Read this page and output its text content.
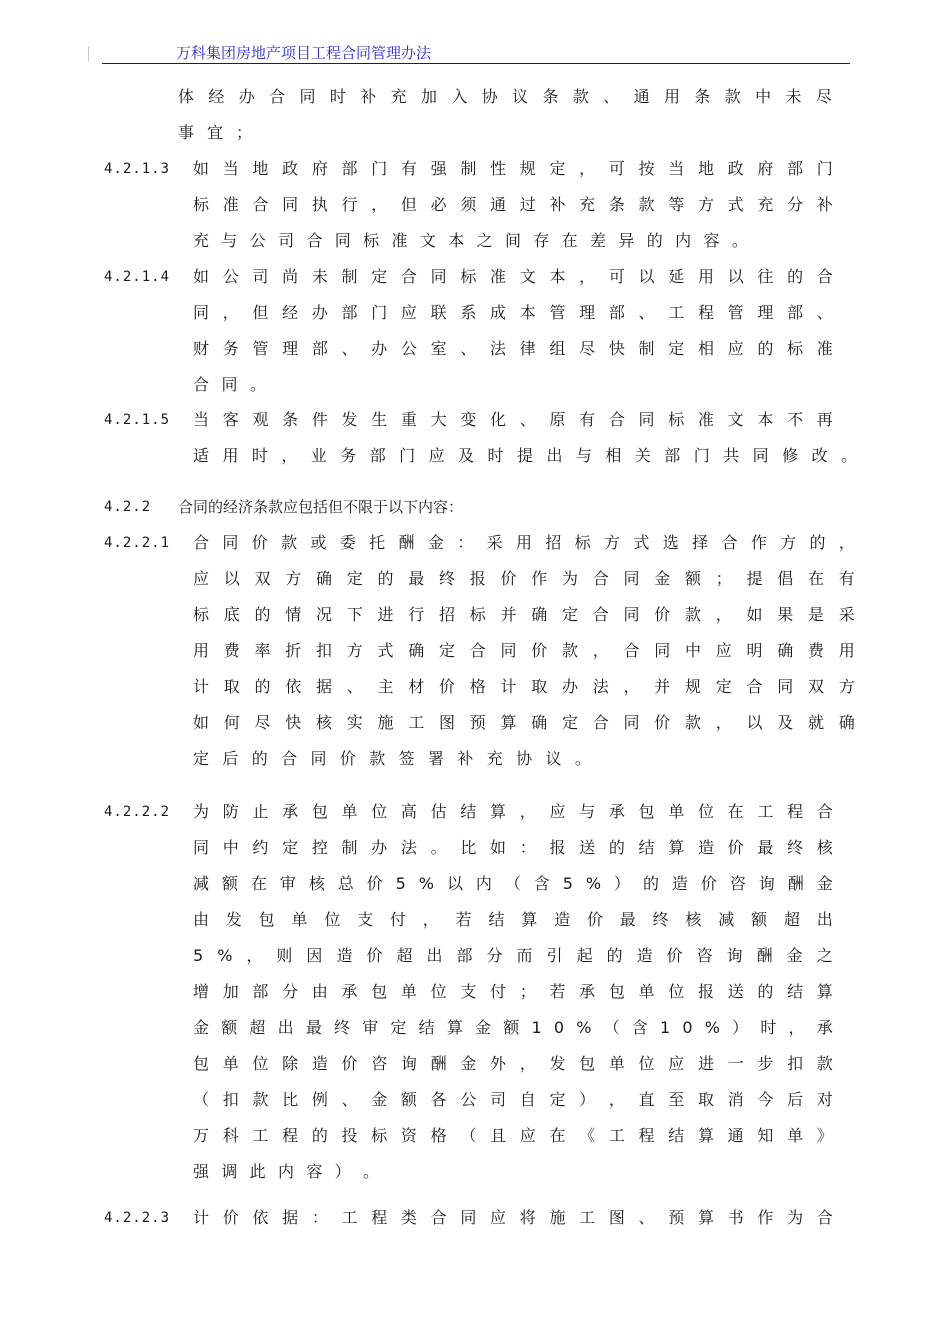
万科集团房地产项目工程合同管理办法
体 经 办 合 同 时 补 充 加 入 协 议 条 款 、 通 用 条 款 中 未 尽
事 宜 ；
4.2.1.3 如 当 地 政 府 部 门 有 强 制 性 规 定 ， 可 按 当 地 政 府 部 门
标 准 合 同 执 行 ， 但 必 须 通 过 补 充 条 款 等 方 式 充 分 补
充 与 公 司 合 同 标 准 文 本 之 间 存 在 差 异 的 内 容 。
4.2.1.4 如 公 司 尚 未 制 定 合 同 标 准 文 本 ， 可 以 延 用 以 往 的 合
同 ， 但 经 办 部 门 应 联 系 成 本 管 理 部 、 工 程 管 理 部 、
财 务 管 理 部 、 办 公 室 、 法 律 组 尽 快 制 定 相 应 的 标 准
合 同 。
4.2.1.5 当 客 观 条 件 发 生 重 大 变 化 、 原 有 合 同 标 准 文 本 不 再
适 用 时 ， 业 务 部 门 应 及 时 提 出 与 相 关 部 门 共 同 修 改 。
4.2.2 合同的经济条款应包括但不限于以下内容：
4.2.2.1 合 同 价 款 或 委 托 酬 金 ： 采 用 招 标 方 式 选 择 合 作 方 的 ，
应 以 双 方 确 定 的 最 终 报 价 作 为 合 同 金 额 ； 提 倡 在 有
标 底 的 情 况 下 进 行 招 标 并 确 定 合 同 价 款 ， 如 果 是 采
用 费 率 折 扣 方 式 确 定 合 同 价 款 ， 合 同 中 应 明 确 费 用
计 取 的 依 据 、 主 材 价 格 计 取 办 法 ， 并 规 定 合 同 双 方
如 何 尽 快 核 实 施 工 图 预 算 确 定 合 同 价 款 ， 以 及 就 确
定 后 的 合 同 价 款 签 署 补 充 协 议 。
4.2.2.2 为 防 止 承 包 单 位 高 估 结 算 ， 应 与 承 包 单 位 在 工 程 合
同 中 约 定 控 制 办 法 。 比 如 ： 报 送 的 结 算 造 价 最 终 核
减 额 在 审 核 总 价 5 % 以 内 （ 含 5 % ） 的 造 价 咨 询 酬 金
由 发 包 单 位 支 付 ， 若 结 算 造 价 最 终 核 减 额 超 出
5 % ， 则 因 造 价 超 出 部 分 而 引 起 的 造 价 咨 询 酬 金 之
增 加 部 分 由 承 包 单 位 支 付 ； 若 承 包 单 位 报 送 的 结 算
金 额 超 出 最 终 审 定 结 算 金 额 1 0 % （ 含 1 0 % ） 时 ， 承
包 单 位 除 造 价 咨 询 酬 金 外 ， 发 包 单 位 应 进 一 步 扣 款
（ 扣 款 比 例 、 金 额 各 公 司 自 定 ） ， 直 至 取 消 今 后 对
万 科 工 程 的 投 标 资 格 （ 且 应 在 《 工 程 结 算 通 知 单 》
强 调 此 内 容 ） 。
4.2.2.3 计 价 依 据 ： 工 程 类 合 同 应 将 施 工 图 、 预 算 书 作 为 合
